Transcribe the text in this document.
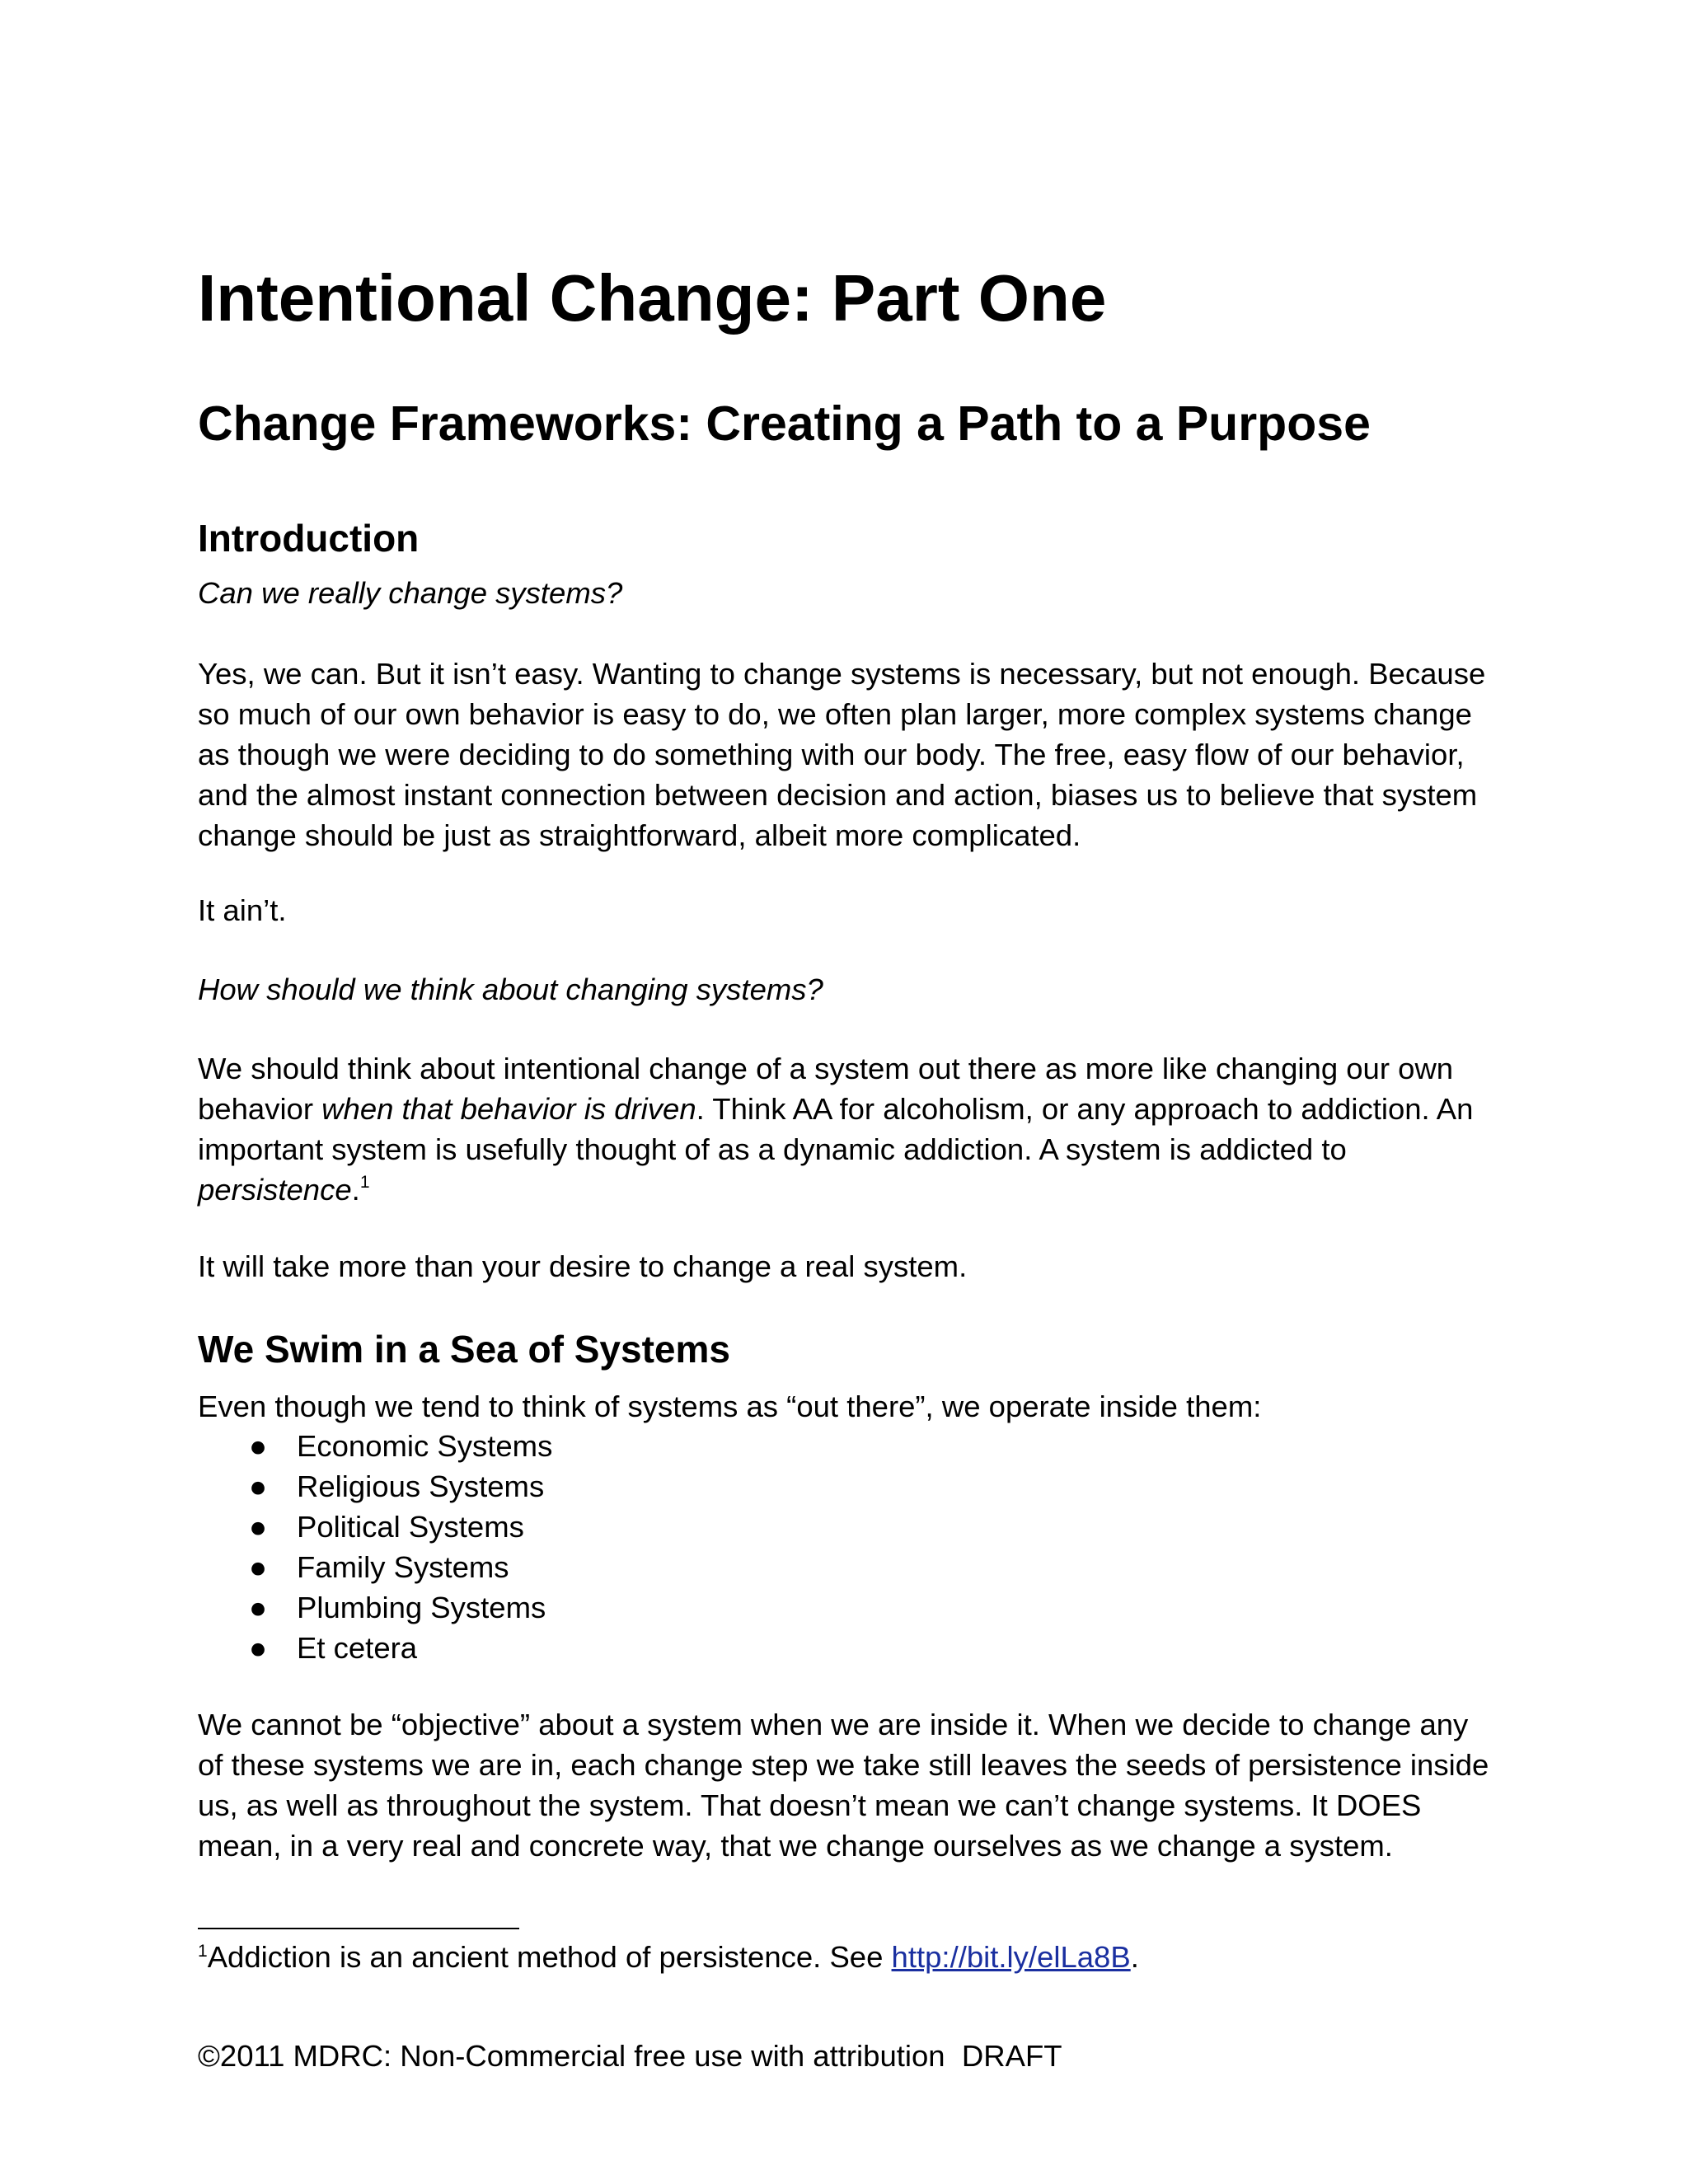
Intentional Change: Part One
Change Frameworks: Creating a Path to a Purpose
Introduction
Can we really change systems?
Yes, we can. But it isn’t easy. Wanting to change systems is necessary, but not enough. Because so much of our own behavior is easy to do, we often plan larger, more complex systems change as though we were deciding to do something with our body. The free, easy flow of our behavior, and the almost instant connection between decision and action, biases us to believe that system change should be just as straightforward, albeit more complicated.
It ain’t.
How should we think about changing systems?
We should think about intentional change of a system out there as more like changing our own behavior when that behavior is driven. Think AA for alcoholism, or any approach to addiction. An important system is usefully thought of as a dynamic addiction. A system is addicted to persistence.$^1$
It will take more than your desire to change a real system.
We Swim in a Sea of Systems
Even though we tend to think of systems as “out there”, we operate inside them:
● Economic Systems
● Religious Systems
● Political Systems
● Family Systems
● Plumbing Systems
● Et cetera
We cannot be “objective” about a system when we are inside it. When we decide to change any of these systems we are in, each change step we take still leaves the seeds of persistence inside us, as well as throughout the system. That doesn’t mean we can’t change systems. It DOES mean, in a very real and concrete way, that we change ourselves as we change a system.
$^1$Addiction is an ancient method of persistence. See http://bit.ly/elLa8B.
©2011 MDRC: Non-Commercial free use with attribution  DRAFT
